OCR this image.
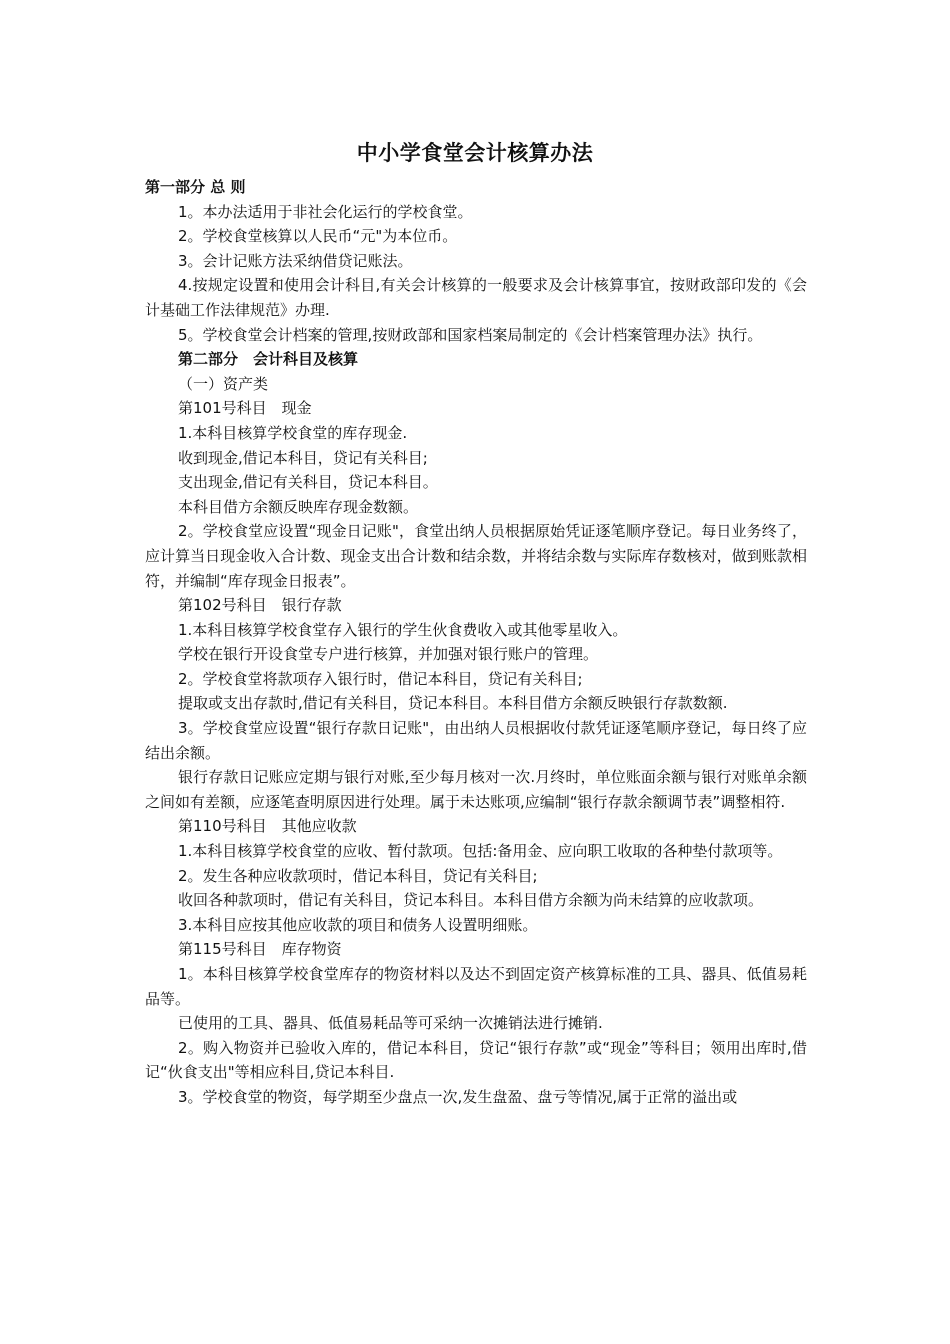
中小学食堂会计核算办法

第一部分 总 则

1。本办法适用于非社会化运行的学校食堂。

2。学校食堂核算以人民币“元"为本位币。

3。会计记账方法采纳借贷记账法。

4.按规定设置和使用会计科目,有关会计核算的一般要求及会计核算事宜，按财政部印发的《会计基础工作法律规范》办理.

5。学校食堂会计档案的管理,按财政部和国家档案局制定的《会计档案管理办法》执行。

第二部分　会计科目及核算

（一）资产类

第101号科目　现金

1.本科目核算学校食堂的库存现金.

收到现金,借记本科目，贷记有关科目;

支出现金,借记有关科目，贷记本科目。

本科目借方余额反映库存现金数额。

2。学校食堂应设置“现金日记账"，食堂出纳人员根据原始凭证逐笔顺序登记。每日业务终了，应计算当日现金收入合计数、现金支出合计数和结余数，并将结余数与实际库存数核对，做到账款相符，并编制“库存现金日报表”。

第102号科目　银行存款

1.本科目核算学校食堂存入银行的学生伙食费收入或其他零星收入。

学校在银行开设食堂专户进行核算，并加强对银行账户的管理。

2。学校食堂将款项存入银行时，借记本科目，贷记有关科目;

提取或支出存款时,借记有关科目，贷记本科目。本科目借方余额反映银行存款数额.

3。学校食堂应设置“银行存款日记账"，由出纳人员根据收付款凭证逐笔顺序登记，每日终了应结出余额。

银行存款日记账应定期与银行对账,至少每月核对一次.月终时，单位账面余额与银行对账单余额之间如有差额，应逐笔查明原因进行处理。属于未达账项,应编制“银行存款余额调节表”调整相符.

第110号科目　其他应收款

1.本科目核算学校食堂的应收、暂付款项。包括:备用金、应向职工收取的各种垫付款项等。

2。发生各种应收款项时，借记本科目，贷记有关科目;

收回各种款项时，借记有关科目，贷记本科目。本科目借方余额为尚未结算的应收款项。

3.本科目应按其他应收款的项目和债务人设置明细账。

第115号科目　库存物资

1。本科目核算学校食堂库存的物资材料以及达不到固定资产核算标准的工具、器具、低值易耗品等。

已使用的工具、器具、低值易耗品等可采纳一次摊销法进行摊销.

2。购入物资并已验收入库的，借记本科目，贷记“银行存款”或“现金”等科目；领用出库时,借记“伙食支出"等相应科目,贷记本科目.

3。学校食堂的物资，每学期至少盘点一次,发生盘盈、盘亏等情况,属于正常的溢出或
